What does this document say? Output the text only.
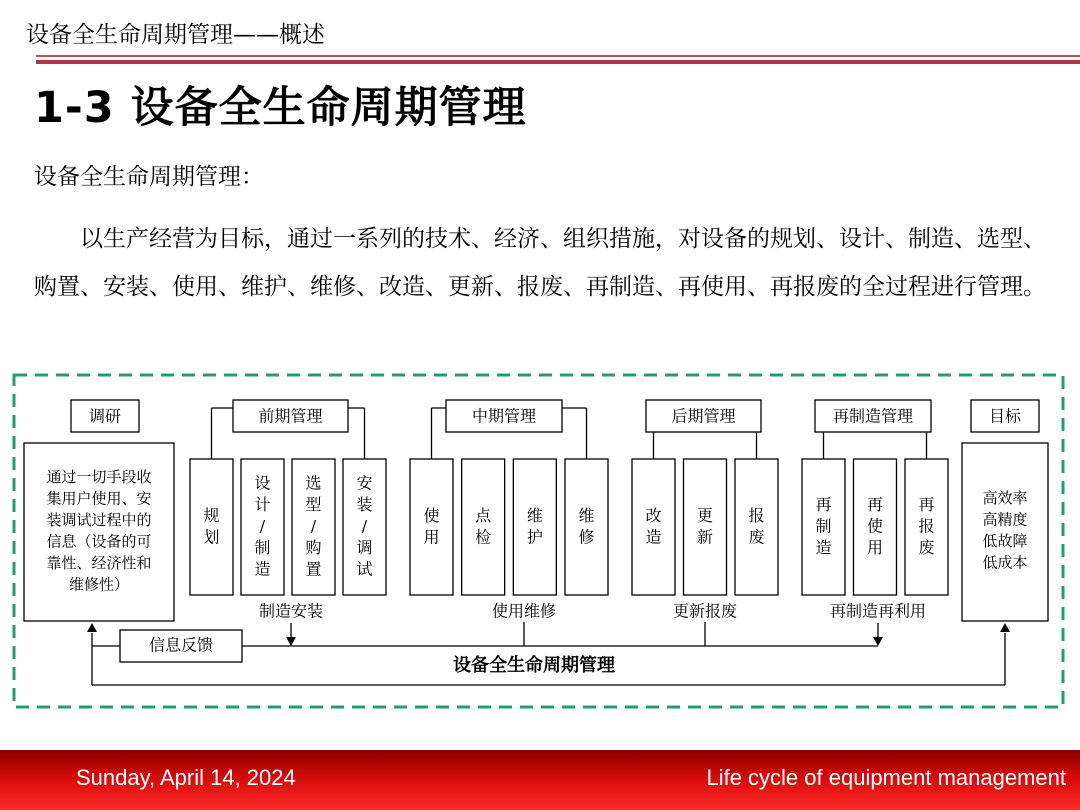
设备全生命周期管理——概述
1-3 设备全生命周期管理
设备全生命周期管理：

以生产经营为目标，通过一系列的技术、经济、组织措施，对设备的规划、设计、制造、选型、购置、安装、使用、维护、维修、改造、更新、报废、再制造、再使用、再报废的全过程进行管理。

调研
通过一切手段收
集用户使用、安
装调试过程中的
信息（设备的可
靠性、经济性和
维修性）
目标
高效率
高精度
低故障
低成本
规
划
设
计
/
制
造
选
型
/
购
置
安
装
/
调
试
前期管理
制造安装
使
用
点
检
维
护
维
修
中期管理
使用维修
改
造
更
新
报
废
后期管理
更新报废
再
制
造
再
使
用
再
报
废
再制造管理
再制造再利用
信息反馈
设备全生命周期管理
Sunday, April 14, 2024	Life cycle of equipment management
